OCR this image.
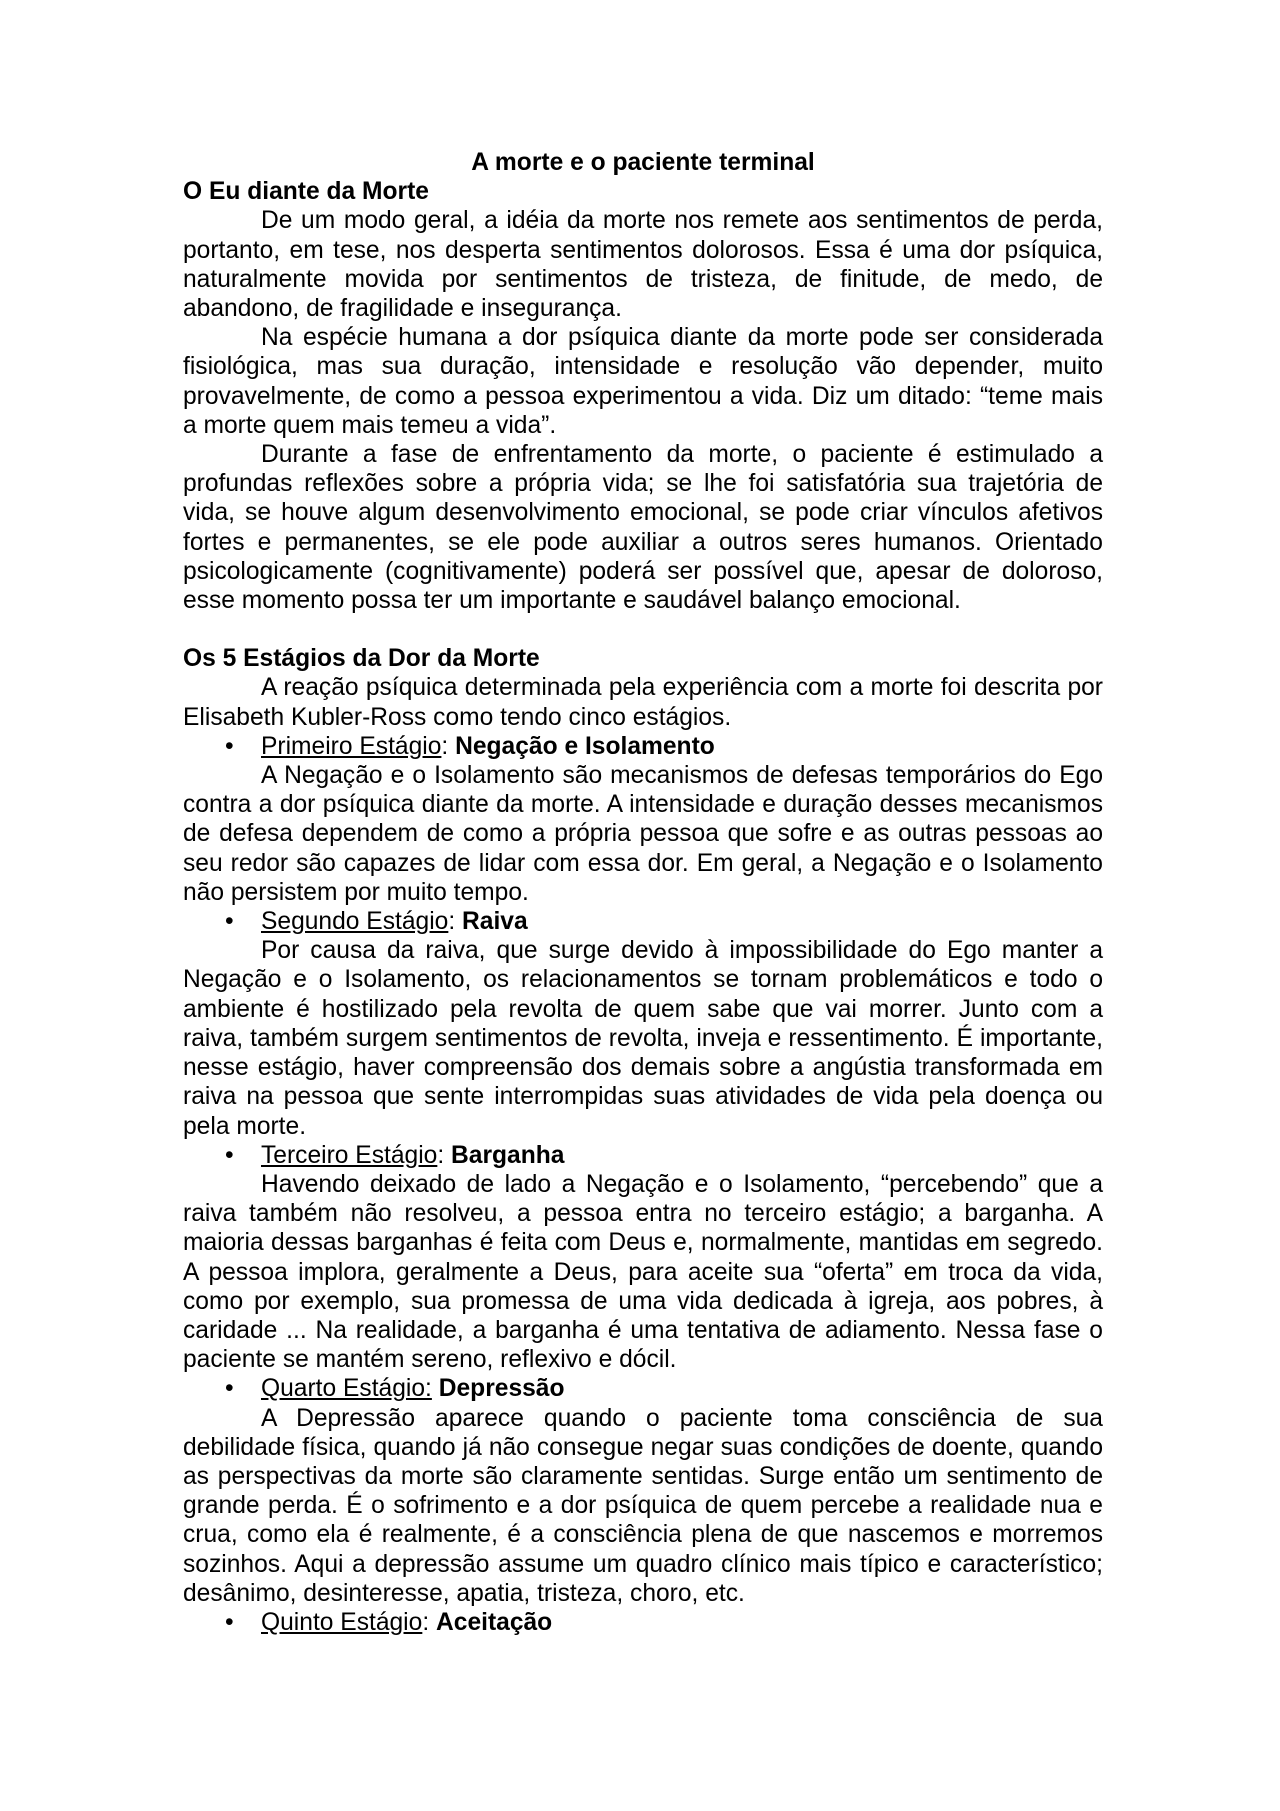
A morte e o paciente terminal

O Eu diante da Morte

De um modo geral, a idéia da morte nos remete aos sentimentos de perda, portanto, em tese, nos desperta sentimentos dolorosos. Essa é uma dor psíquica, naturalmente movida por sentimentos de tristeza, de finitude, de medo, de abandono, de fragilidade e insegurança.

Na espécie humana a dor psíquica diante da morte pode ser considerada fisiológica, mas sua duração, intensidade e resolução vão depender, muito provavelmente, de como a pessoa experimentou a vida. Diz um ditado: “teme mais a morte quem mais temeu a vida”.

Durante a fase de enfrentamento da morte, o paciente é estimulado a profundas reflexões sobre a própria vida; se lhe foi satisfatória sua trajetória de vida, se houve algum desenvolvimento emocional, se pode criar vínculos afetivos fortes e permanentes, se ele pode auxiliar a outros seres humanos. Orientado psicologicamente (cognitivamente) poderá ser possível que, apesar de doloroso, esse momento possa ter um importante e saudável balanço emocional.

Os 5 Estágios da Dor da Morte

A reação psíquica determinada pela experiência com a morte foi descrita por Elisabeth Kubler-Ross como tendo cinco estágios.

• Primeiro Estágio: Negação e Isolamento

A Negação e o Isolamento são mecanismos de defesas temporários do Ego contra a dor psíquica diante da morte. A intensidade e duração desses mecanismos de defesa dependem de como a própria pessoa que sofre e as outras pessoas ao seu redor são capazes de lidar com essa dor. Em geral, a Negação e o Isolamento não persistem por muito tempo.

• Segundo Estágio: Raiva

Por causa da raiva, que surge devido à impossibilidade do Ego manter a Negação e o Isolamento, os relacionamentos se tornam problemáticos e todo o ambiente é hostilizado pela revolta de quem sabe que vai morrer. Junto com a raiva, também surgem sentimentos de revolta, inveja e ressentimento. É importante, nesse estágio, haver compreensão dos demais sobre a angústia transformada em raiva na pessoa que sente interrompidas suas atividades de vida pela doença ou pela morte.

• Terceiro Estágio: Barganha

Havendo deixado de lado a Negação e o Isolamento, “percebendo” que a raiva também não resolveu, a pessoa entra no terceiro estágio; a barganha. A maioria dessas barganhas é feita com Deus e, normalmente, mantidas em segredo. A pessoa implora, geralmente a Deus, para aceite sua “oferta” em troca da vida, como por exemplo, sua promessa de uma vida dedicada à igreja, aos pobres, à caridade ... Na realidade, a barganha é uma tentativa de adiamento. Nessa fase o paciente se mantém sereno, reflexivo e dócil.

• Quarto Estágio: Depressão

A Depressão aparece quando o paciente toma consciência de sua debilidade física, quando já não consegue negar suas condições de doente, quando as perspectivas da morte são claramente sentidas. Surge então um sentimento de grande perda. É o sofrimento e a dor psíquica de quem percebe a realidade nua e crua, como ela é realmente, é a consciência plena de que nascemos e morremos sozinhos. Aqui a depressão assume um quadro clínico mais típico e característico; desânimo, desinteresse, apatia, tristeza, choro, etc.

• Quinto Estágio: Aceitação
